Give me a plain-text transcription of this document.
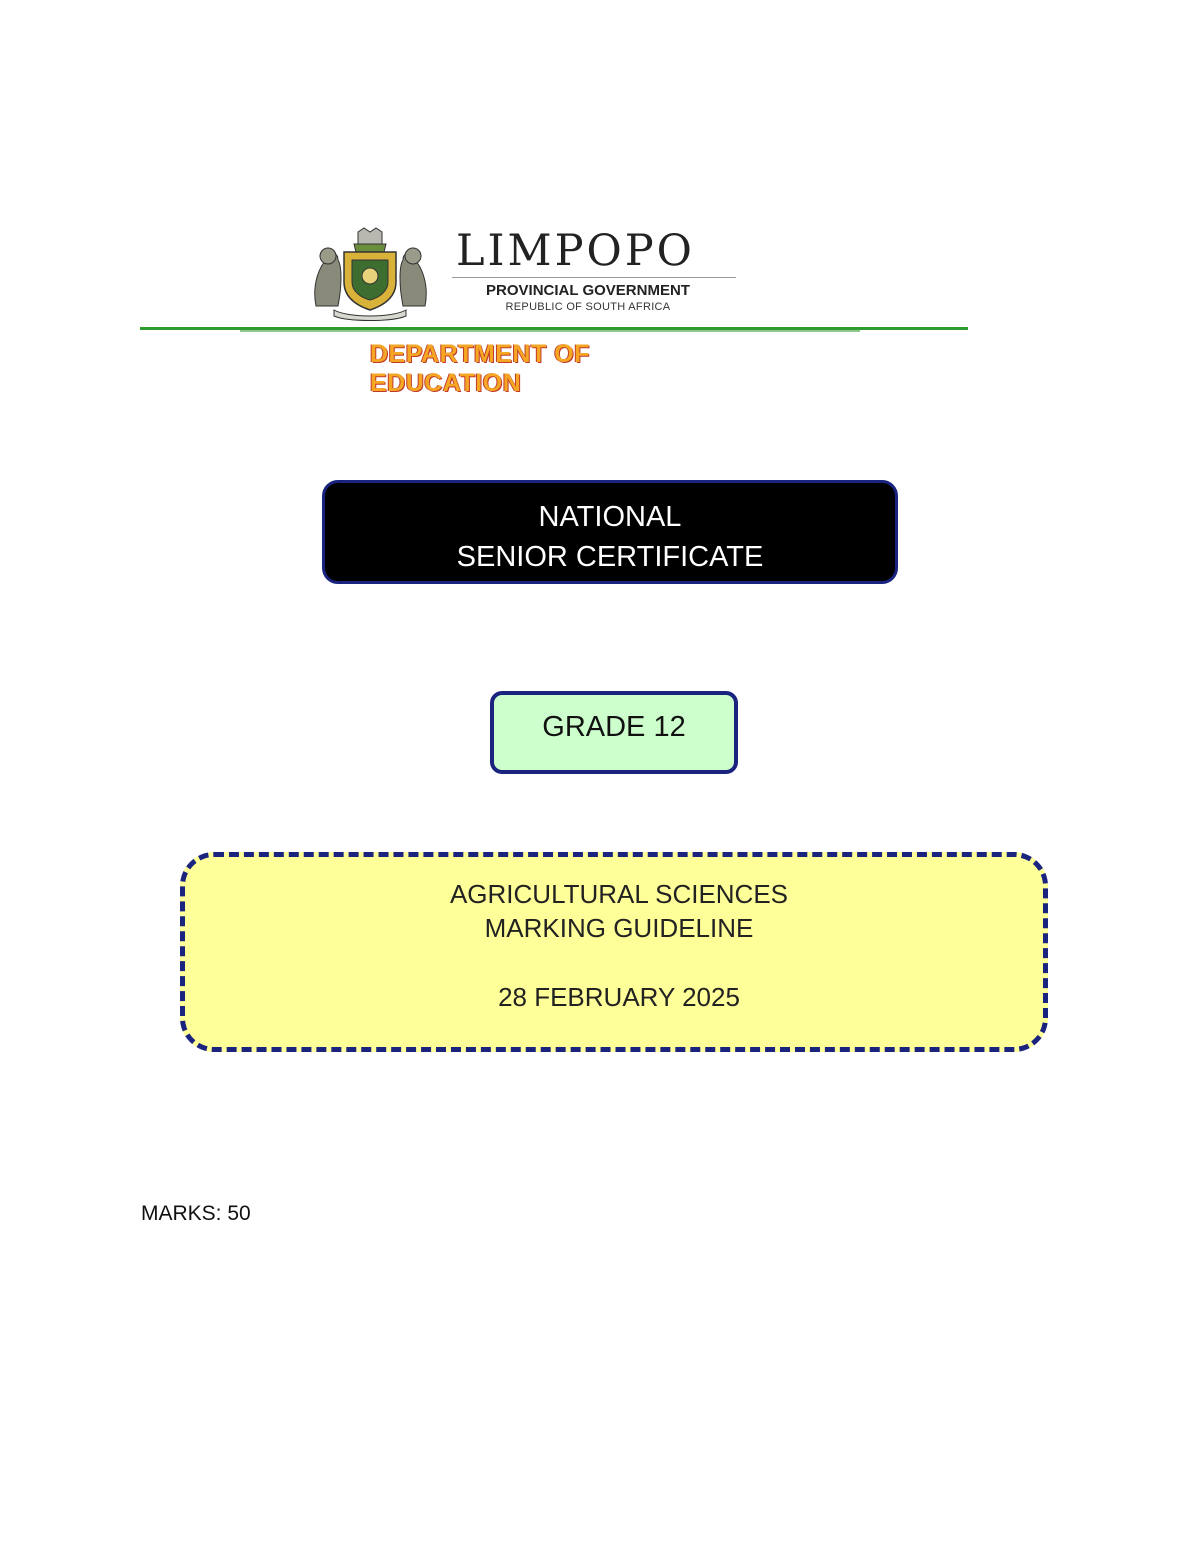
LIMPOPO
PROVINCIAL GOVERNMENT
REPUBLIC OF SOUTH AFRICA
DEPARTMENT OF EDUCATION
NATIONAL
SENIOR CERTIFICATE
GRADE 12
AGRICULTURAL SCIENCES
MARKING GUIDELINE
28 FEBRUARY 2025
MARKS: 50
